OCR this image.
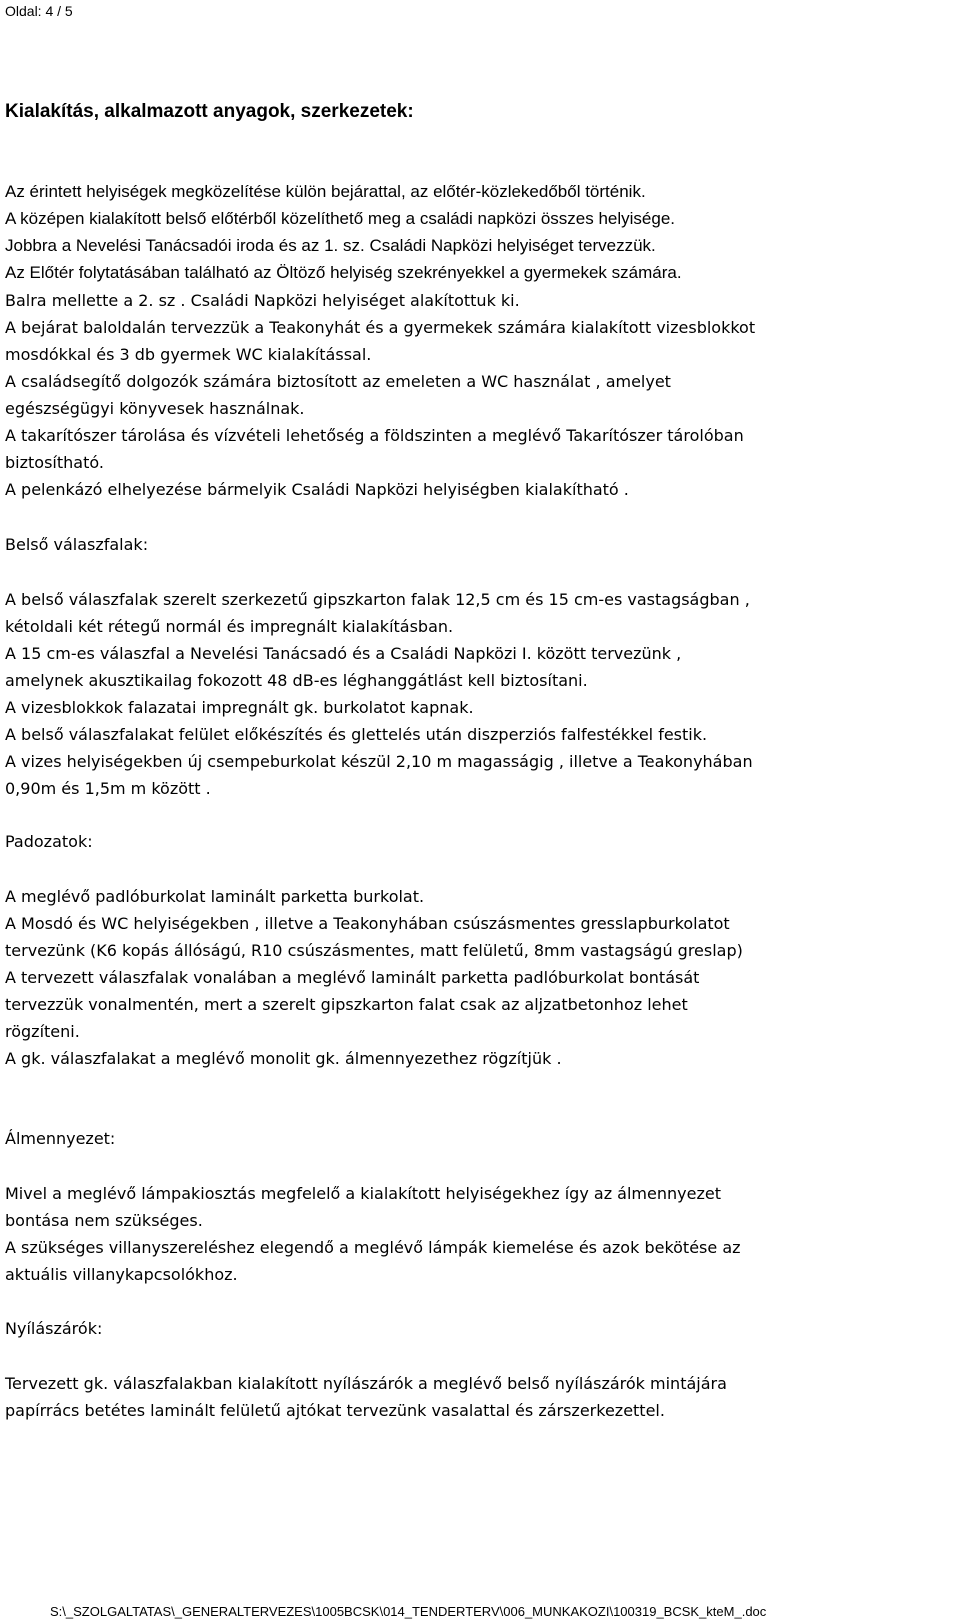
Oldal: 4 / 5
Kialakítás, alkalmazott anyagok, szerkezetek:
Az érintett helyiségek megközelítése külön bejárattal, az előtér-közlekedőből történik.
A középen kialakított belső előtérből közelíthető meg a családi napközi összes helyisége.
Jobbra a Nevelési Tanácsadói iroda és az 1. sz. Családi Napközi helyiséget tervezzük.
Az Előtér folytatásában található az Öltöző helyiség szekrényekkel a gyermekek számára.
Balra mellette a 2. sz . Családi Napközi helyiséget alakítottuk ki.
A bejárat baloldalán tervezzük a Teakonyhát és a gyermekek számára kialakított vizesblokkot
mosdókkal és 3 db gyermek WC kialakítással.
A családsegítő dolgozók számára biztosított az emeleten a WC használat , amelyet
egészségügyi könyvesek használnak.
A takarítószer tárolása és vízvételi lehetőség a földszinten a meglévő Takarítószer tárolóban
biztosítható.
A pelenkázó elhelyezése bármelyik Családi Napközi helyiségben kialakítható .
Belső válaszfalak:
A belső válaszfalak szerelt szerkezetű gipszkarton falak 12,5 cm és 15 cm-es vastagságban ,
kétoldali két rétegű normál és impregnált kialakításban.
A 15 cm-es válaszfal a Nevelési Tanácsadó és a Családi Napközi I. között tervezünk ,
amelynek akusztikailag fokozott 48 dB-es léghanggátlást kell biztosítani.
A vizesblokkok falazatai impregnált gk. burkolatot kapnak.
A belső válaszfalakat felület előkészítés és glettelés után diszperziós falfestékkel festik.
A vizes helyiségekben új csempeburkolat készül 2,10 m magasságig , illetve a Teakonyhában
0,90m és 1,5m m között .
Padozatok:
A meglévő padlóburkolat laminált parketta burkolat.
A Mosdó és WC helyiségekben , illetve a Teakonyhában csúszásmentes gresslapburkolatot
tervezünk (K6 kopás állóságú, R10 csúszásmentes, matt felületű, 8mm vastagságú greslap)
A tervezett válaszfalak vonalában a meglévő laminált parketta padlóburkolat bontását
tervezzük vonalmentén, mert a szerelt gipszkarton falat csak az aljzatbetonhoz lehet
rögzíteni.
A gk. válaszfalakat a meglévő monolit gk. álmennyezethez rögzítjük .
Álmennyezet:
Mivel a meglévő lámpakiosztás megfelelő a kialakított helyiségekhez így az álmennyezet
bontása nem szükséges.
A szükséges villanyszereléshez elegendő a meglévő lámpák kiemelése és azok bekötése az
aktuális villanykapcsolókhoz.
Nyílászárók:
Tervezett gk. válaszfalakban kialakított nyílászárók a meglévő belső nyílászárók mintájára
papírrács betétes laminált felületű ajtókat tervezünk vasalattal és zárszerkezettel.
S:\_SZOLGALTATAS\_GENERALTERVEZES\1005BCSK\014_TENDERTERV\006_MUNKAKOZI\100319_BCSK_kteM_.doc
